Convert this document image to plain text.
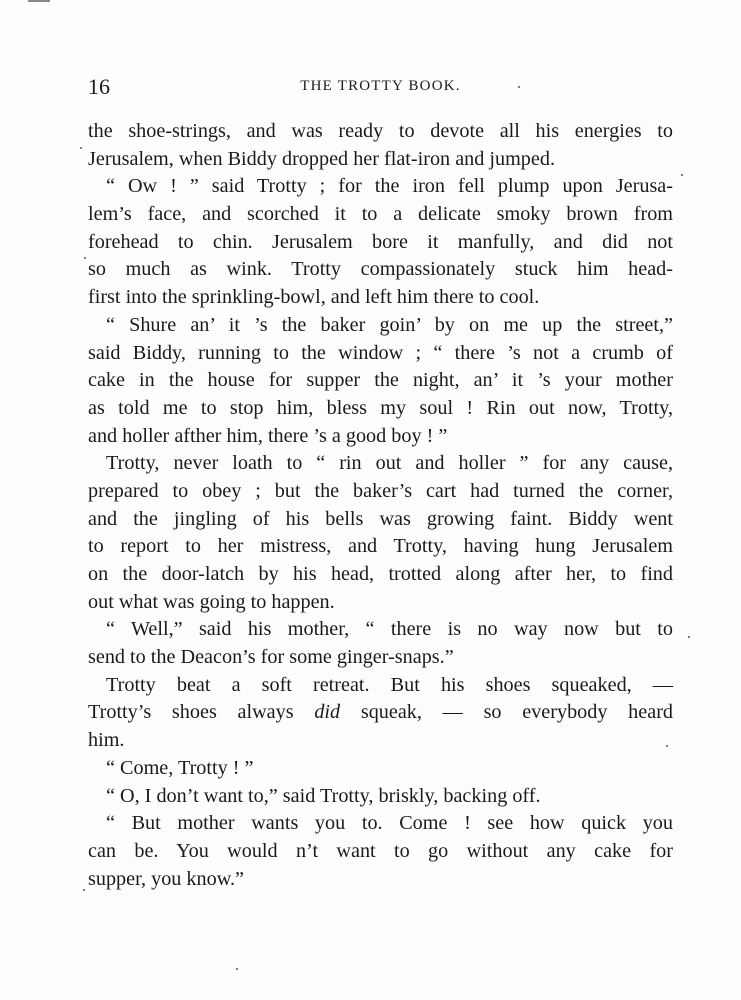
16	THE TROTTY BOOK.
the shoe-strings, and was ready to devote all his energies to
Jerusalem, when Biddy dropped her flat-iron and jumped.
“ Ow ! ” said Trotty ; for the iron fell plump upon Jerusa-
lem’s face, and scorched it to a delicate smoky brown from
forehead to chin. Jerusalem bore it manfully, and did not
so much as wink. Trotty compassionately stuck him head-
first into the sprinkling-bowl, and left him there to cool.
“ Shure an’ it ’s the baker goin’ by on me up the street,”
said Biddy, running to the window ; “ there ’s not a crumb of
cake in the house for supper the night, an’ it ’s your mother
as told me to stop him, bless my soul ! Rin out now, Trotty,
and holler afther him, there ’s a good boy ! ”
Trotty, never loath to “ rin out and holler ” for any cause,
prepared to obey ; but the baker’s cart had turned the corner,
and the jingling of his bells was growing faint. Biddy went
to report to her mistress, and Trotty, having hung Jerusalem
on the door-latch by his head, trotted along after her, to find
out what was going to happen.
“ Well,” said his mother, “ there is no way now but to
send to the Deacon’s for some ginger-snaps.”
Trotty beat a soft retreat. But his shoes squeaked, —
Trotty’s shoes always did squeak, — so everybody heard
him.
“ Come, Trotty ! ”
“ O, I don’t want to,” said Trotty, briskly, backing off.
“ But mother wants you to. Come ! see how quick you
can be. You would n’t want to go without any cake for
supper, you know.”
